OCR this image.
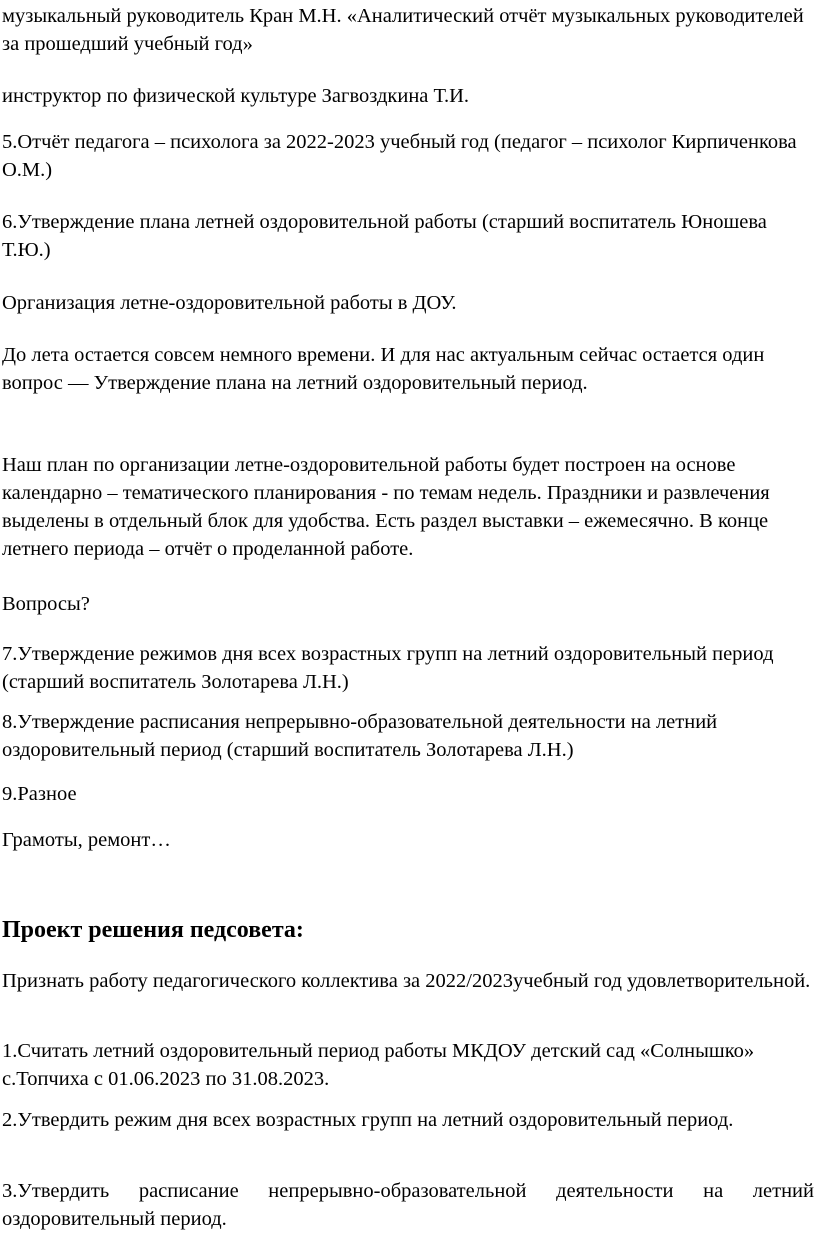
музыкальный руководитель Кран М.Н. «Аналитический отчёт музыкальных руководителей за прошедший учебный год»

инструктор по физической культуре Загвоздкина Т.И.

5.Отчёт педагога – психолога за 2022-2023 учебный год (педагог – психолог Кирпиченкова О.М.)

6.Утверждение плана летней оздоровительной работы (старший воспитатель Юношева Т.Ю.)

Организация летне-оздоровительной работы в ДОУ.

До лета остается совсем немного времени. И для нас актуальным сейчас остается один вопрос — Утверждение плана на летний оздоровительный период.

Наш план по организации летне-оздоровительной работы будет построен на основе календарно – тематического планирования - по темам недель. Праздники и развлечения выделены в отдельный блок для удобства. Есть раздел выставки – ежемесячно. В конце летнего периода – отчёт о проделанной работе.

Вопросы?

7.Утверждение режимов дня всех возрастных групп на летний оздоровительный период (старший воспитатель Золотарева Л.Н.)

8.Утверждение расписания непрерывно-образовательной деятельности на летний оздоровительный период (старший воспитатель Золотарева Л.Н.)

9.Разное

Грамоты, ремонт…

Проект решения педсовета:

Признать работу педагогического коллектива за 2022/2023учебный год удовлетворительной.

1.Считать летний оздоровительный период работы МКДОУ детский сад «Солнышко» с.Топчиха с 01.06.2023 по 31.08.2023.

2.Утвердить режим дня всех возрастных групп на летний оздоровительный период.

3.Утвердить расписание непрерывно-образовательной деятельности на летний оздоровительный период.
